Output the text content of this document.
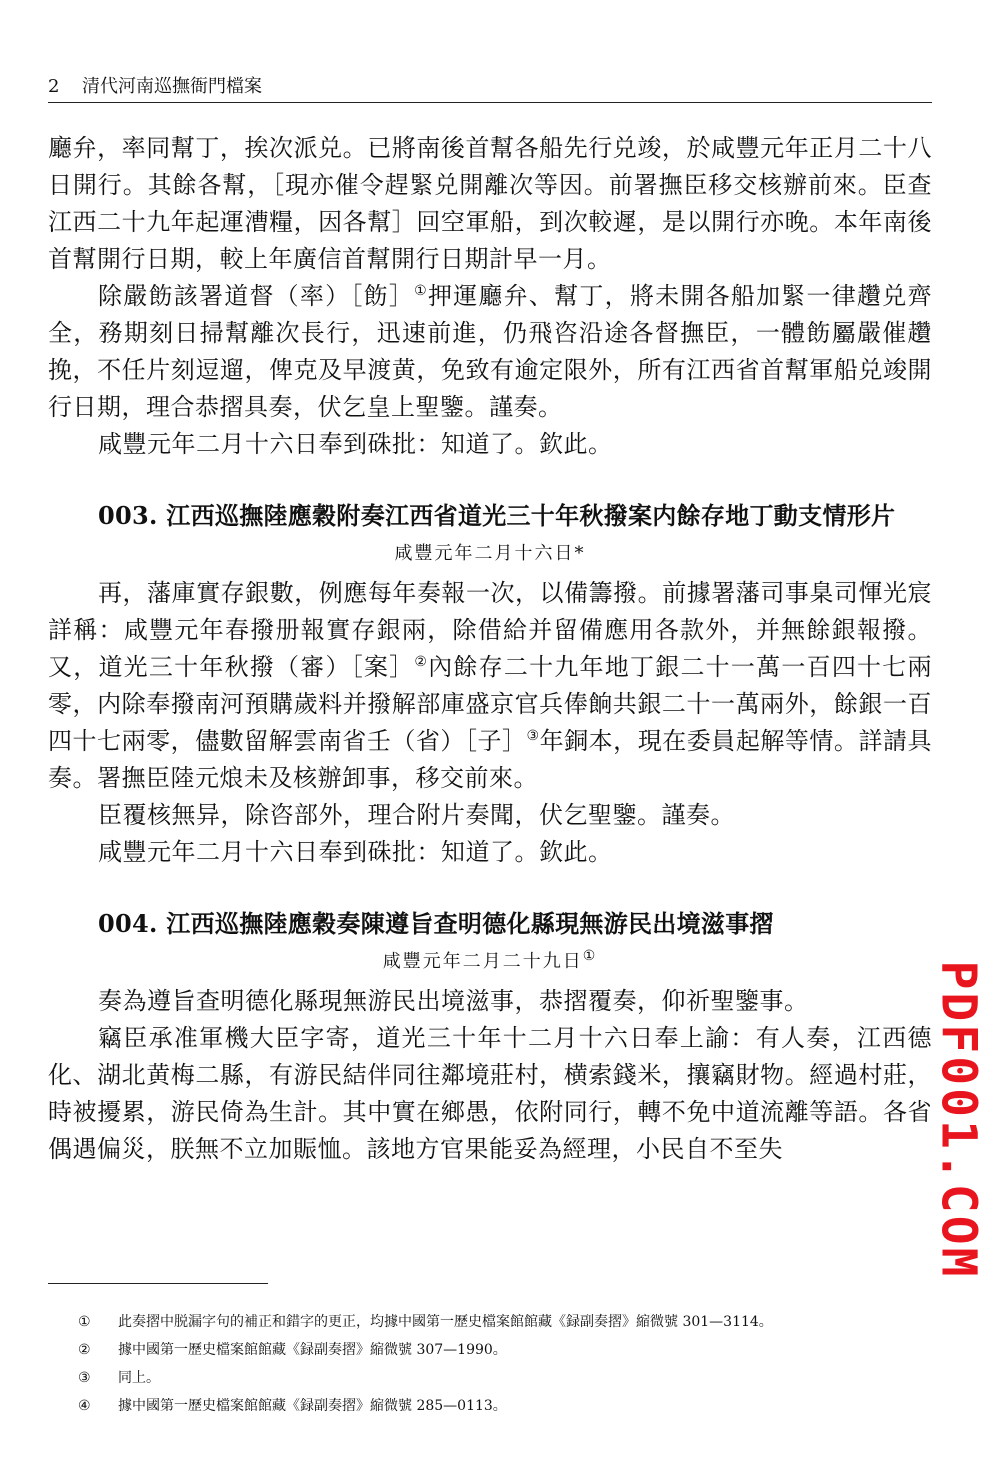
2 清代河南巡撫衙門檔案

廳弁，率同幫丁，挨次派兑。已將南後首幫各船先行兑竣，於咸豐元年正月二十八日開行。其餘各幫，［現亦催令趕緊兑開離次等因。前署撫臣移交核辦前來。臣查江西二十九年起運漕糧，因各幫］回空軍船，到次較遲，是以開行亦晚。本年南後首幫開行日期，較上年廣信首幫開行日期計早一月。

除嚴飭該署道督（率）［飭］①押運廳弁、幫丁，將未開各船加緊一律趲兑齊全，務期刻日掃幫離次長行，迅速前進，仍飛咨沿途各督撫臣，一體飭屬嚴催趲挽，不任片刻逗遛，俾克及早渡黄，免致有逾定限外，所有江西省首幫軍船兑竣開行日期，理合恭摺具奏，伏乞皇上聖鑒。謹奏。

咸豐元年二月十六日奉到硃批：知道了。欽此。

003. 江西巡撫陸應穀附奏江西省道光三十年秋撥案内餘存地丁動支情形片
咸豐元年二月十六日*

再，藩庫實存銀數，例應每年奏報一次，以備籌撥。前據署藩司事臬司惲光宸詳稱：咸豐元年春撥册報實存銀兩，除借給并留備應用各款外，并無餘銀報撥。又，道光三十年秋撥（審）［案］②內餘存二十九年地丁銀二十一萬一百四十七兩零，内除奉撥南河預購歲料并撥解部庫盛京官兵俸餉共銀二十一萬兩外，餘銀一百四十七兩零，儘數留解雲南省壬（省）［子］③年銅本，現在委員起解等情。詳請具奏。署撫臣陸元烺未及核辦卸事，移交前來。

臣覆核無异，除咨部外，理合附片奏聞，伏乞聖鑒。謹奏。

咸豐元年二月十六日奉到硃批：知道了。欽此。

004. 江西巡撫陸應穀奏陳遵旨查明德化縣現無游民出境滋事摺
咸豐元年二月二十九日①

奏為遵旨查明德化縣現無游民出境滋事，恭摺覆奏，仰祈聖鑒事。

竊臣承准軍機大臣字寄，道光三十年十二月十六日奉上諭：有人奏，江西德化、湖北黄梅二縣，有游民結伴同往鄰境莊村，横索錢米，攘竊財物。經過村莊，時被擾累，游民倚為生計。其中實在鄉愚，依附同行，轉不免中道流離等語。各省偶遇偏災，朕無不立加賑恤。該地方官果能妥為經理，小民自不至失

①	此奏摺中脱漏字句的補正和錯字的更正，均據中國第一歷史檔案館館藏《録副奏摺》縮微號 301—3114。
②	據中國第一歷史檔案館館藏《録副奏摺》縮微號 307—1990。
③	同上。
④	據中國第一歷史檔案館館藏《録副奏摺》縮微號 285—0113。
PDF001.COM
